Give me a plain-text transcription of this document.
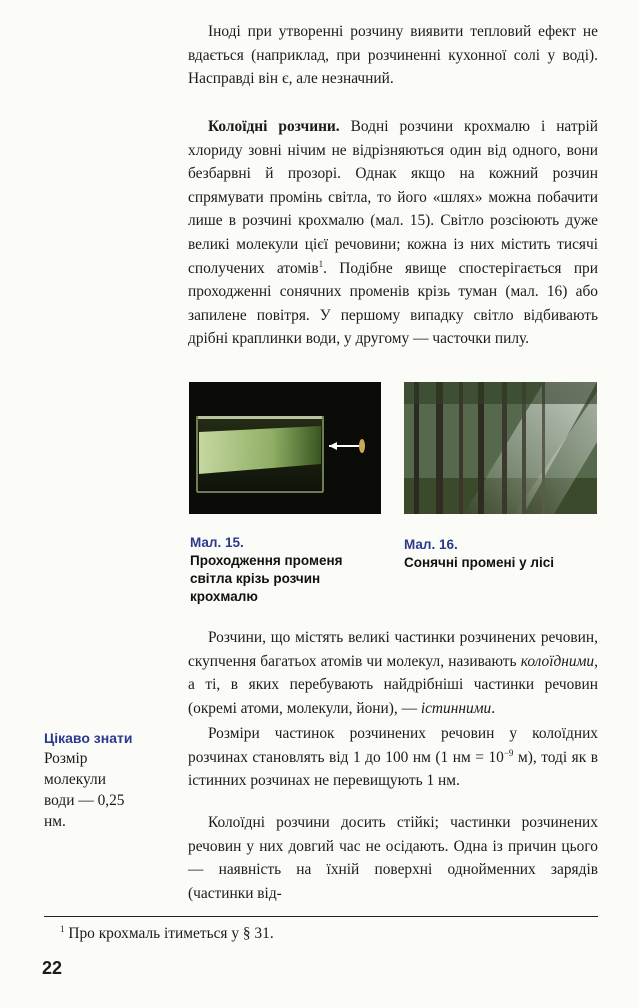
Іноді при утворенні розчину виявити тепловий ефект не вдається (наприклад, при розчиненні кухонної солі у воді). Насправді він є, але незначний.

Колоїдні розчини. Водні розчини крохмалю і натрій хлориду зовні нічим не відрізняються один від одного, вони безбарвні й прозорі. Однак якщо на кожний розчин спрямувати промінь світла, то його «шлях» можна побачити лише в розчині крохмалю (мал. 15). Світло розсіюють дуже великі молекули цієї речовини; кожна із них містить тисячі сполучених атомів$^1$. Подібне явище спостерігається при проходженні сонячних променів крізь туман (мал. 16) або запилене повітря. У першому випадку світло відбивають дрібні краплинки води, у другому — часточки пилу.

Мал. 15.
Проходження променя світла крізь розчин крохмалю
Мал. 16.
Сонячні промені у лісі

Розчини, що містять великі частинки розчинених речовин, скупчення багатьох атомів чи молекул, називають колоїдними, а ті, в яких перебувають найдрібніші частинки речовин (окремі атоми, молекули, йони), — істинними.

Розміри частинок розчинених речовин у колоїдних розчинах становлять від 1 до 100 нм (1 нм = $10^{-9}$ м), тоді як в істинних розчинах не перевищують 1 нм.

Колоїдні розчини досить стійкі; частинки розчинених речовин у них довгий час не осідають. Одна із причин цього — наявність на їхній поверхні однойменних зарядів (частинки від-

Цікаво знати
Розмір молекули води — 0,25 нм.
$^1$ Про крохмаль ітиметься у § 31.
22
